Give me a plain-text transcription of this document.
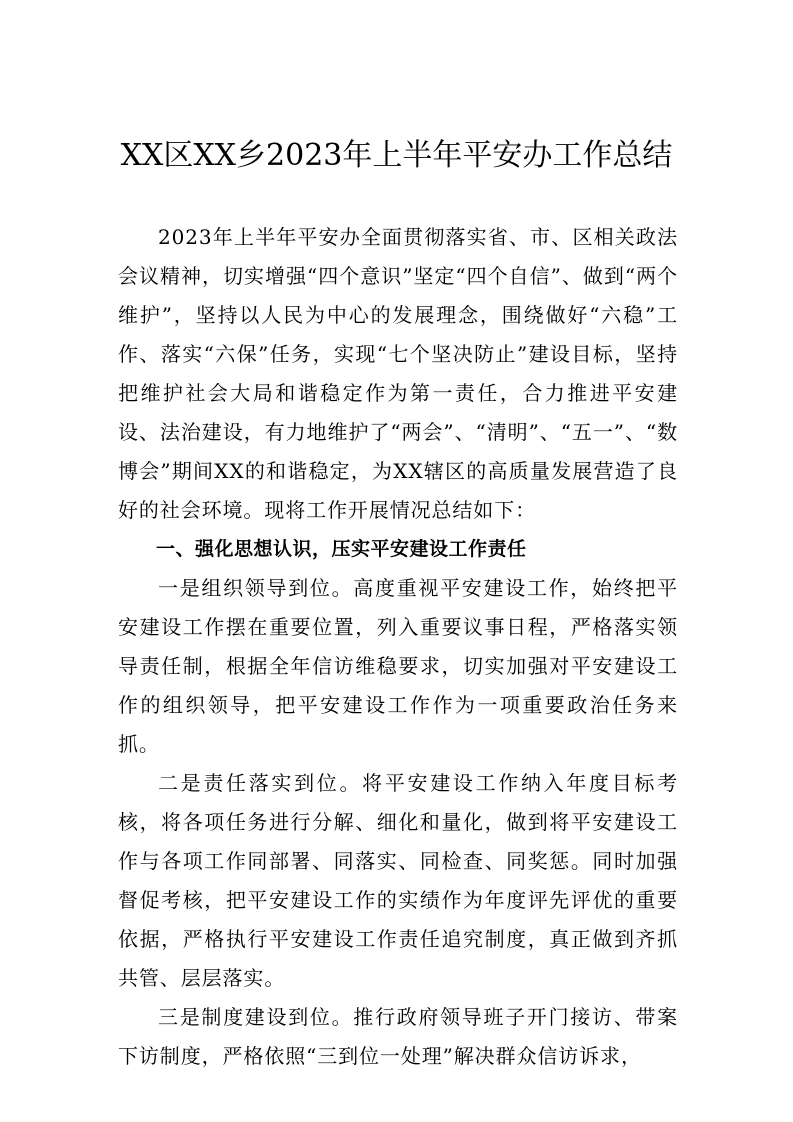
XX区XX乡2023年上半年平安办工作总结

2023年上半年平安办全面贯彻落实省、市、区相关政法会议精神，切实增强“四个意识”坚定“四个自信”、做到“两个维护”，坚持以人民为中心的发展理念，围绕做好“六稳”工作、落实“六保”任务，实现“七个坚决防止”建设目标，坚持把维护社会大局和谐稳定作为第一责任，合力推进平安建设、法治建设，有力地维护了“两会”、“清明”、“五一”、“数博会”期间XX的和谐稳定，为XX辖区的高质量发展营造了良好的社会环境。现将工作开展情况总结如下：

一、强化思想认识，压实平安建设工作责任

一是组织领导到位。高度重视平安建设工作，始终把平安建设工作摆在重要位置，列入重要议事日程，严格落实领导责任制，根据全年信访维稳要求，切实加强对平安建设工作的组织领导，把平安建设工作作为一项重要政治任务来抓。

二是责任落实到位。将平安建设工作纳入年度目标考核，将各项任务进行分解、细化和量化，做到将平安建设工作与各项工作同部署、同落实、同检查、同奖惩。同时加强督促考核，把平安建设工作的实绩作为年度评先评优的重要依据，严格执行平安建设工作责任追究制度，真正做到齐抓共管、层层落实。

三是制度建设到位。推行政府领导班子开门接访、带案下访制度，严格依照“三到位一处理”解决群众信访诉求，
